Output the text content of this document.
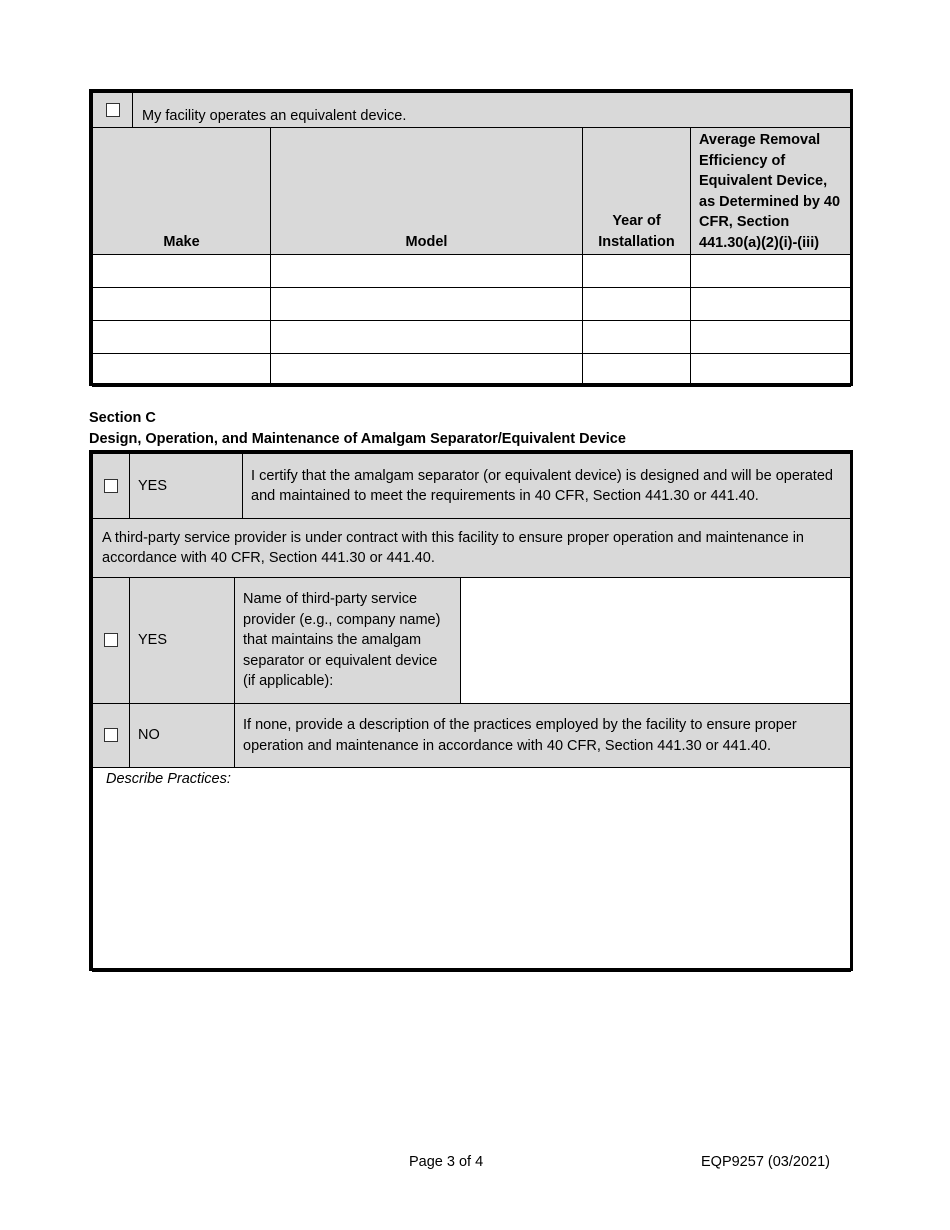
My facility operates an equivalent device.			

Make	Model	Year of Installation	Average Removal Efficiency of Equivalent Device, as Determined by 40 CFR, Section 441.30(a)(2)(i)-(iii)

Section C
Design, Operation, and Maintenance of Amalgam Separator/Equivalent Device
	YES		I certify that the amalgam separator (or equivalent device) is designed and will be operated and maintained to meet the requirements in 40 CFR, Section 441.30 or 441.40.	
A third-party service provider is under contract with this facility to ensure proper operation and maintenance in accordance with 40 CFR, Section 441.30 or 441.40.				
	YES	Name of third-party service provider (e.g., company name) that maintains the amalgam separator or equivalent device (if applicable):		
	NO	If none, provide a description of the practices employed by the facility to ensure proper operation and maintenance in accordance with 40 CFR, Section 441.30 or 441.40.		
Describe Practices:				
Page 3 of 4	EQP9257 (03/2021)
